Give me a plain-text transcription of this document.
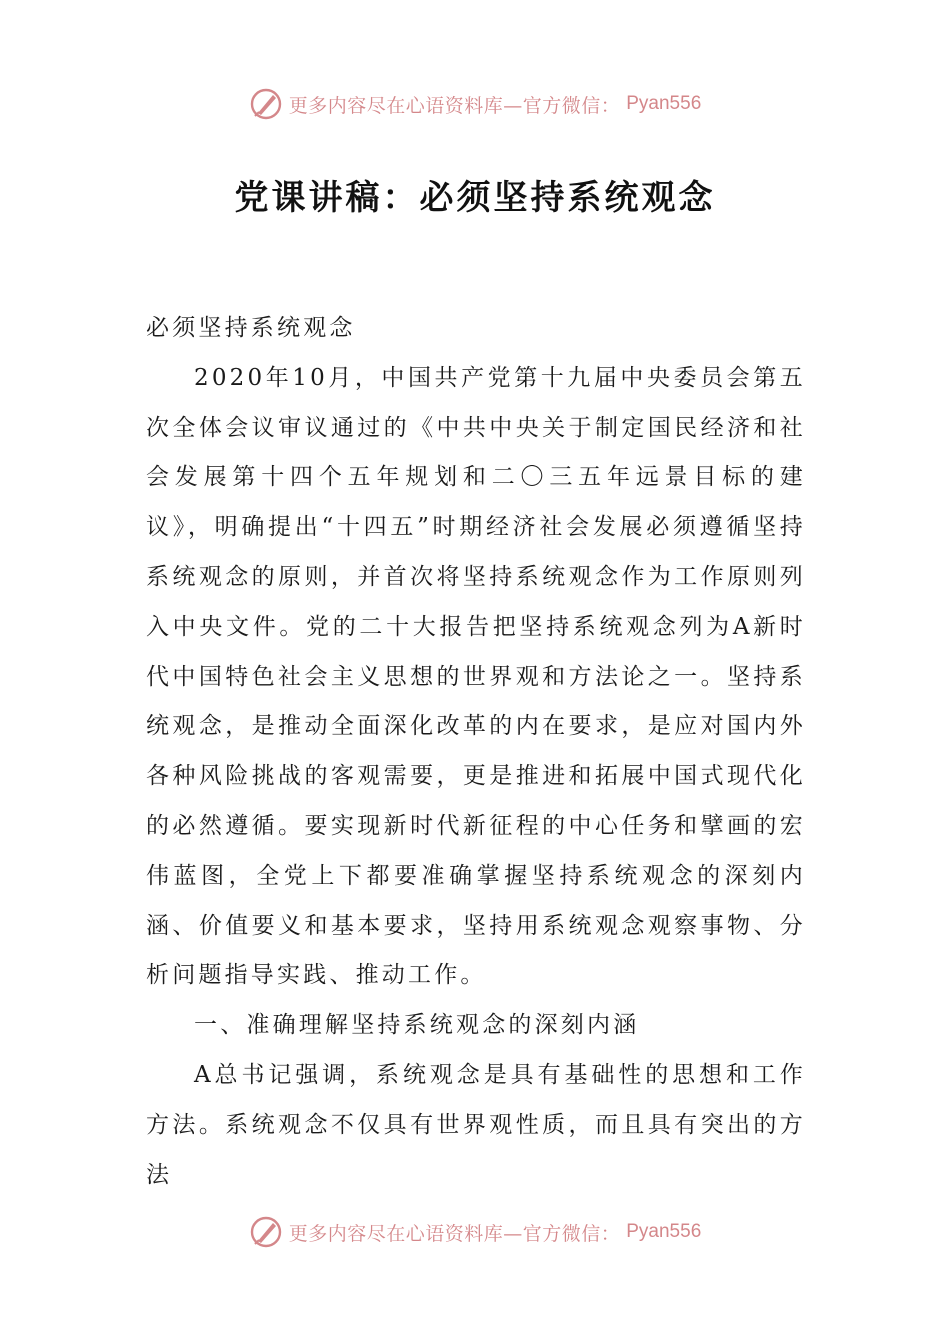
更多内容尽在心语资料库—官方微信： Pyan556
党课讲稿：必须坚持系统观念

必须坚持系统观念

2020年10月，中国共产党第十九届中央委员会第五次全体会议审议通过的《中共中央关于制定国民经济和社会发展第十四个五年规划和二〇三五年远景目标的建议》，明确提出“十四五”时期经济社会发展必须遵循坚持系统观念的原则，并首次将坚持系统观念作为工作原则列入中央文件。党的二十大报告把坚持系统观念列为A新时代中国特色社会主义思想的世界观和方法论之一。坚持系统观念，是推动全面深化改革的内在要求，是应对国内外各种风险挑战的客观需要，更是推进和拓展中国式现代化的必然遵循。要实现新时代新征程的中心任务和擘画的宏伟蓝图，全党上下都要准确掌握坚持系统观念的深刻内涵、价值要义和基本要求，坚持用系统观念观察事物、分析问题指导实践、推动工作。

一、准确理解坚持系统观念的深刻内涵

A总书记强调，系统观念是具有基础性的思想和工作方法。系统观念不仅具有世界观性质，而且具有突出的方法

更多内容尽在心语资料库—官方微信： Pyan556
